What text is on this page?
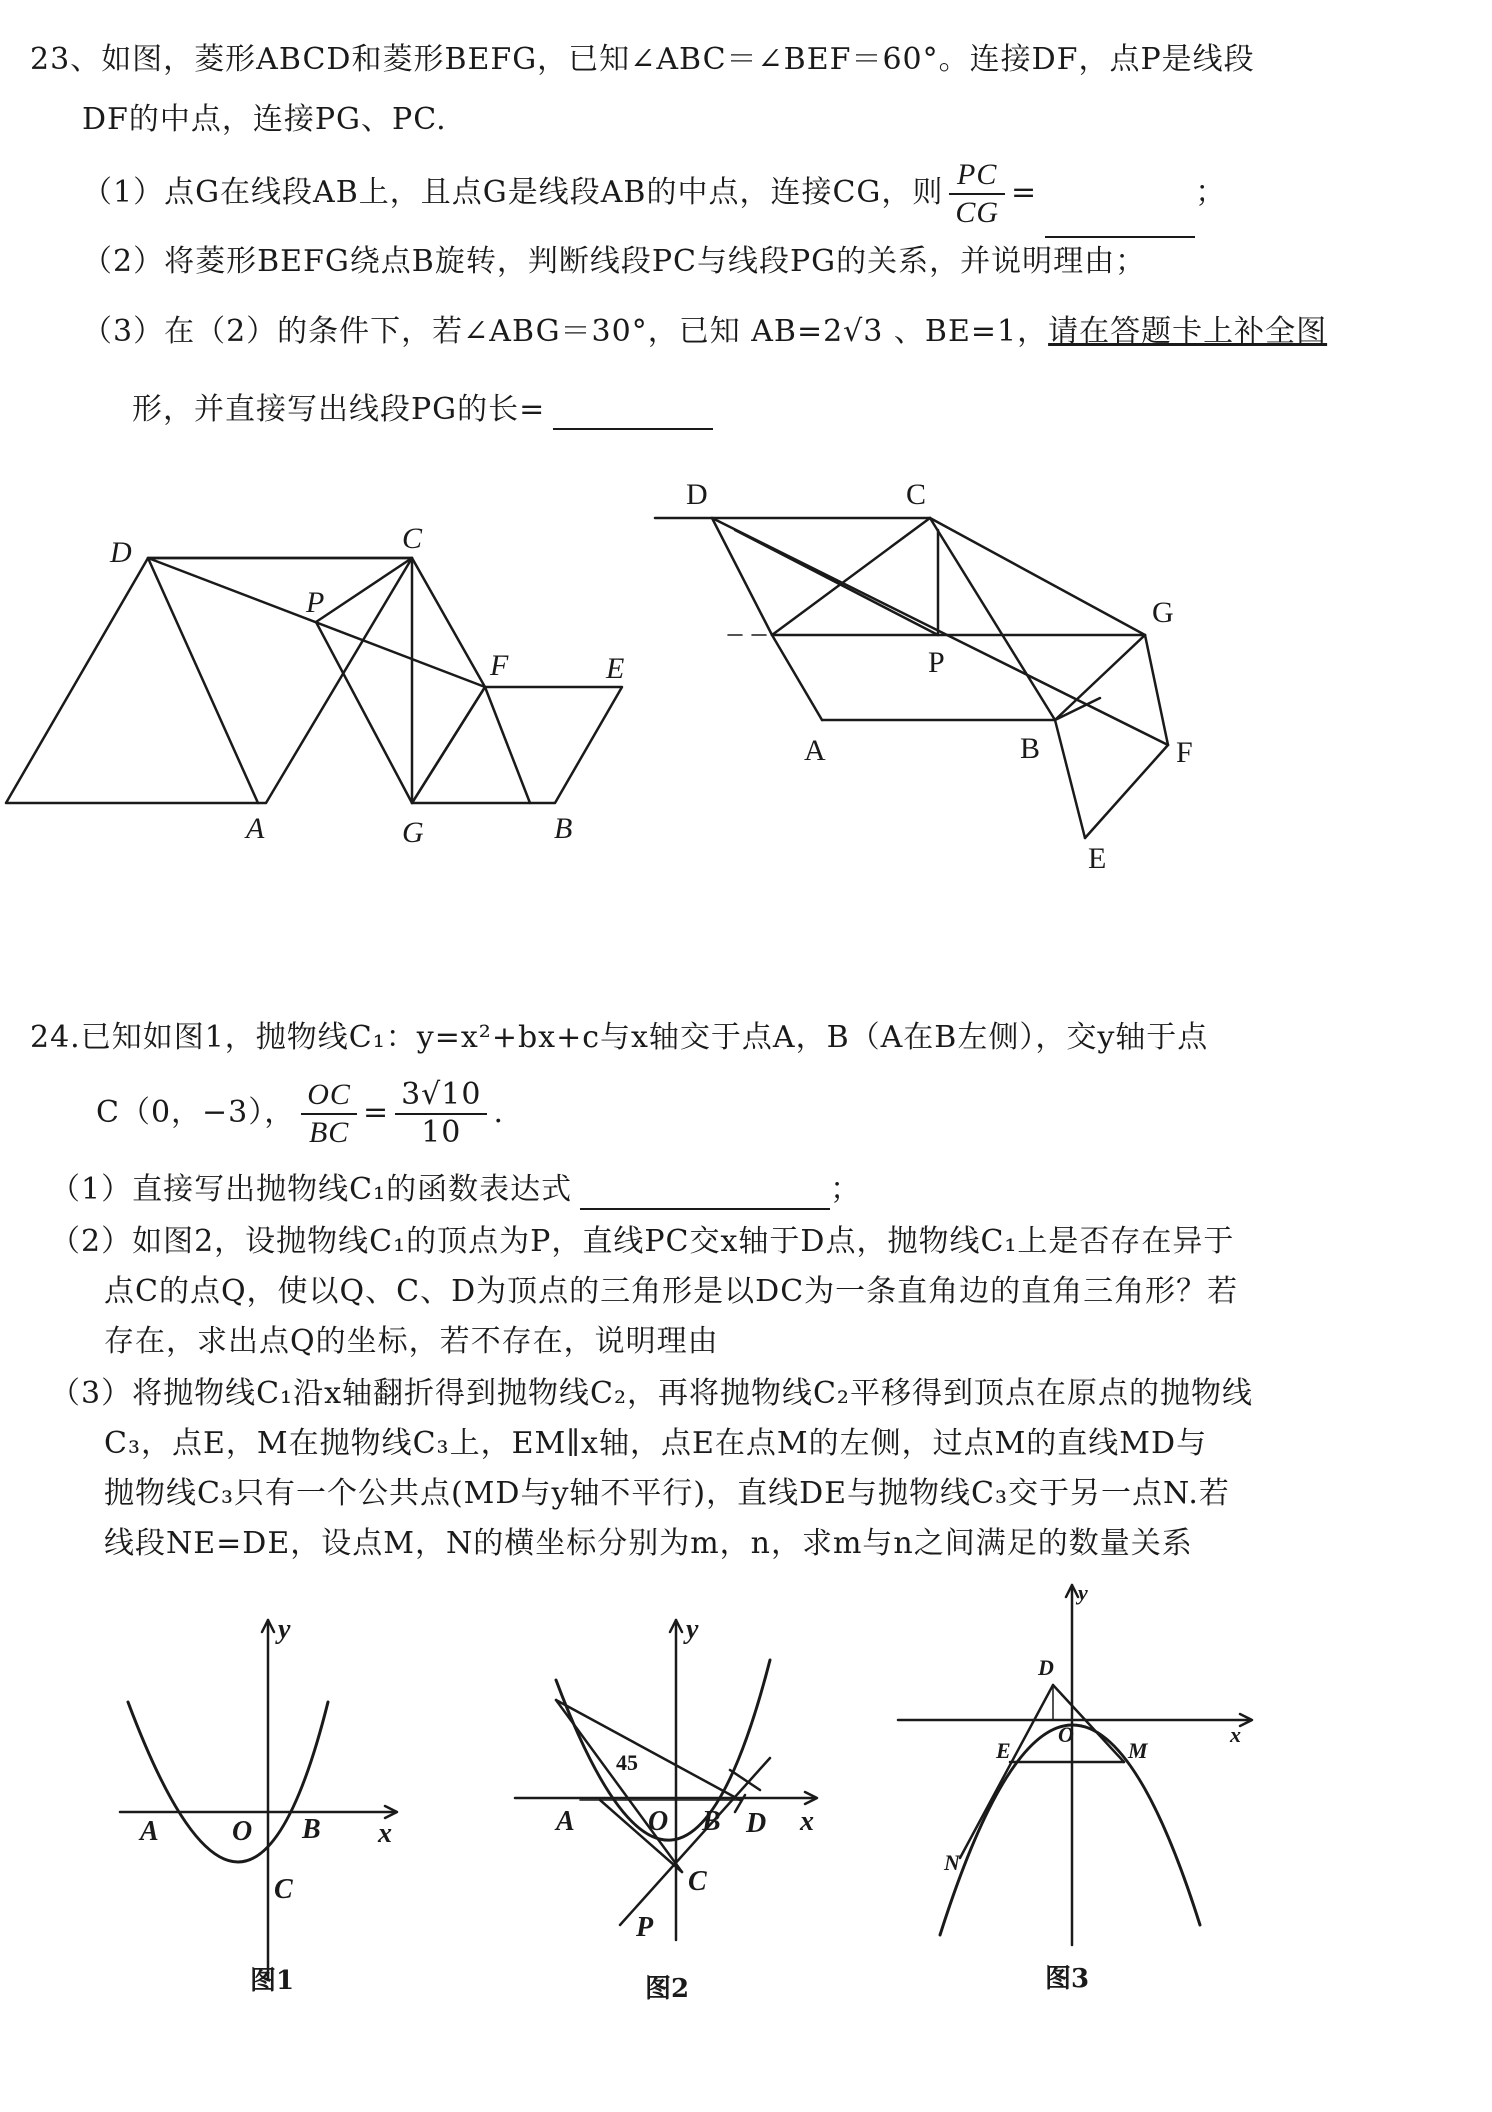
23、如图，菱形ABCD和菱形BEFG，已知∠ABC＝∠BEF＝60°。连接DF，点P是线段
DF的中点，连接PG、PC.
（1）点G在线段AB上，且点G是线段AB的中点，连接CG，则 $\frac{PC}{CG}$ =	；
（2）将菱形BEFG绕点B旋转，判断线段PC与线段PG的关系，并说明理由；
（3）在（2）的条件下，若∠ABG＝30°，已知 AB=2√3 、BE=1，请在答题卡上补全图
形，并直接写出线段PG的长=
D	C
P
F	E
A	G	B
D	C
G
P
A	B	F
E
y
x
A	O B
C
y
x
A	O B D
C
P
45
y
x
D
O
E	M
N
24.已知如图1，抛物线C₁：y=x²+bx+c与x轴交于点A，B（A在B左侧），交y轴于点
C（0，−3）， $\frac{OC}{BC} = \frac{3√10}{10}$ .
（1）直接写出抛物线C₁的函数表达式	；
（2）如图2，设抛物线C₁的顶点为P，直线PC交x轴于D点，抛物线C₁上是否存在异于
点C的点Q，使以Q、C、D为顶点的三角形是以DC为一条直角边的直角三角形？若
存在，求出点Q的坐标，若不存在，说明理由
（3）将抛物线C₁沿x轴翻折得到抛物线C₂，再将抛物线C₂平移得到顶点在原点的抛物线
C₃，点E，M在抛物线C₃上，EM∥x轴，点E在点M的左侧，过点M的直线MD与
抛物线C₃只有一个公共点(MD与y轴不平行)，直线DE与抛物线C₃交于另一点N.若
线段NE=DE，设点M，N的横坐标分别为m，n，求m与n之间满足的数量关系
图1	图2	图3
